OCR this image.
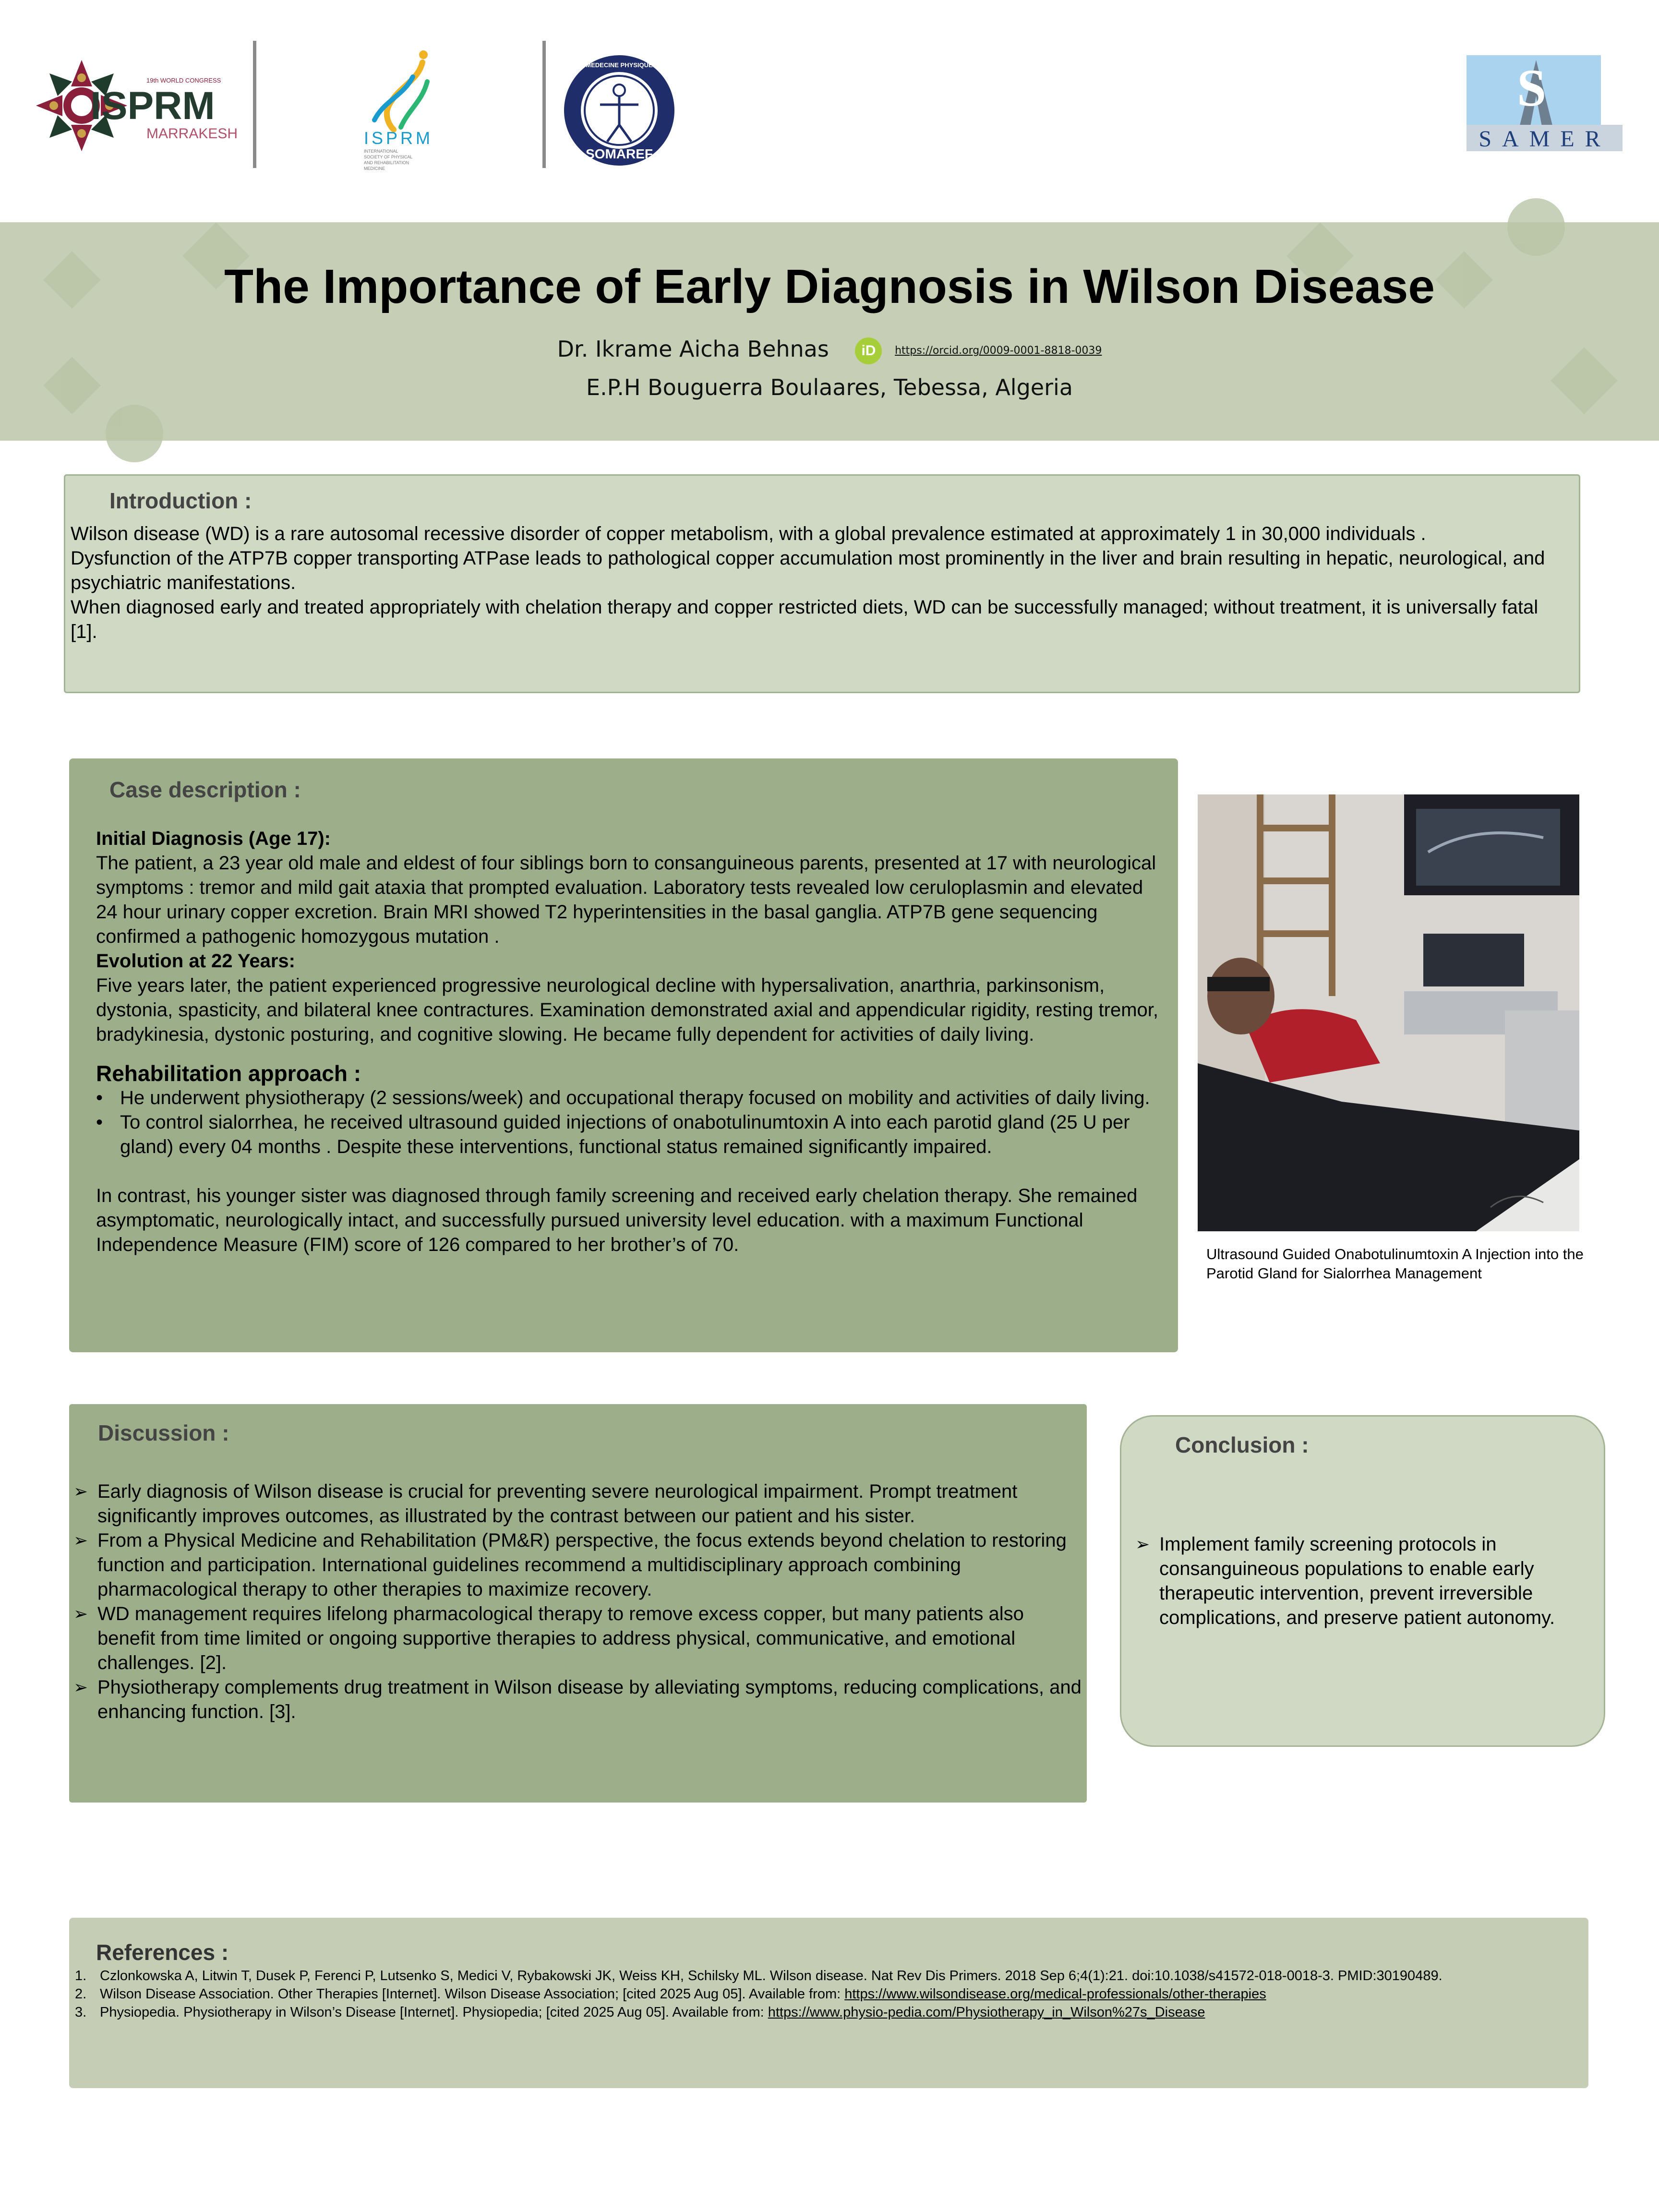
19th WORLD CONGRESS
ISPRM
MARRAKESH	ISPRM
INTERNATIONAL
SOCIETY OF PHYSICAL
AND REHABILITATION
MEDICINE
SOMAREF
MEDECINE PHYSIQUE	S
SAMER
The Importance of Early Diagnosis in Wilson Disease
Dr. Ikrame Aicha Behnas iD https://orcid.org/0009-0001-8818-0039
E.P.H Bouguerra Boulaares, Tebessa, Algeria
Introduction :
Wilson disease (WD) is a rare autosomal recessive disorder of copper metabolism, with a global prevalence estimated at approximately 1 in 30,000 individuals .
Dysfunction of the ATP7B copper transporting ATPase leads to pathological copper accumulation most prominently in the liver and brain resulting in hepatic, neurological, and psychiatric manifestations.
When diagnosed early and treated appropriately with chelation therapy and copper restricted diets, WD can be successfully managed; without treatment, it is universally fatal [1].
Case description :

Initial Diagnosis (Age 17):

The patient, a 23 year old male and eldest of four siblings born to consanguineous parents, presented at 17 with neurological symptoms : tremor and mild gait ataxia that prompted evaluation. Laboratory tests revealed low ceruloplasmin and elevated 24 hour urinary copper excretion. Brain MRI showed T2 hyperintensities in the basal ganglia. ATP7B gene sequencing confirmed a pathogenic homozygous mutation .

Evolution at 22 Years:

Five years later, the patient experienced progressive neurological decline with hypersalivation, anarthria, parkinsonism, dystonia, spasticity, and bilateral knee contractures. Examination demonstrated axial and appendicular rigidity, resting tremor, bradykinesia, dystonic posturing, and cognitive slowing. He became fully dependent for activities of daily living.

Rehabilitation approach :

• He underwent physiotherapy (2 sessions/week) and occupational therapy focused on mobility and activities of daily living.
• To control sialorrhea, he received ultrasound guided injections of onabotulinumtoxin A into each parotid gland (25 U per gland) every 04 months . Despite these interventions, functional status remained significantly impaired.

In contrast, his younger sister was diagnosed through family screening and received early chelation therapy. She remained asymptomatic, neurologically intact, and successfully pursued university level education. with a maximum Functional Independence Measure (FIM) score of 126 compared to her brother’s of 70.	Ultrasound Guided Onabotulinumtoxin A Injection into the Parotid Gland for Sialorrhea Management
Discussion :
➢ Early diagnosis of Wilson disease is crucial for preventing severe neurological impairment. Prompt treatment significantly improves outcomes, as illustrated by the contrast between our patient and his sister.
➢ From a Physical Medicine and Rehabilitation (PM&R) perspective, the focus extends beyond chelation to restoring function and participation. International guidelines recommend a multidisciplinary approach combining pharmacological therapy to other therapies to maximize recovery.
➢ WD management requires lifelong pharmacological therapy to remove excess copper, but many patients also benefit from time limited or ongoing supportive therapies to address physical, communicative, and emotional challenges. [2].
➢ Physiotherapy complements drug treatment in Wilson disease by alleviating symptoms, reducing complications, and enhancing function. [3].
Conclusion :
➢ Implement family screening protocols in consanguineous populations to enable early therapeutic intervention, prevent irreversible complications, and preserve patient autonomy.
References :
1. Czlonkowska A, Litwin T, Dusek P, Ferenci P, Lutsenko S, Medici V, Rybakowski JK, Weiss KH, Schilsky ML. Wilson disease. Nat Rev Dis Primers. 2018 Sep 6;4(1):21. doi:10.1038/s41572-018-0018-3. PMID:30190489.
2. Wilson Disease Association. Other Therapies [Internet]. Wilson Disease Association; [cited 2025 Aug 05]. Available from: https://www.wilsondisease.org/medical-professionals/other-therapies
3. Physiopedia. Physiotherapy in Wilson’s Disease [Internet]. Physiopedia; [cited 2025 Aug 05]. Available from: https://www.physio-pedia.com/Physiotherapy_in_Wilson%27s_Disease
